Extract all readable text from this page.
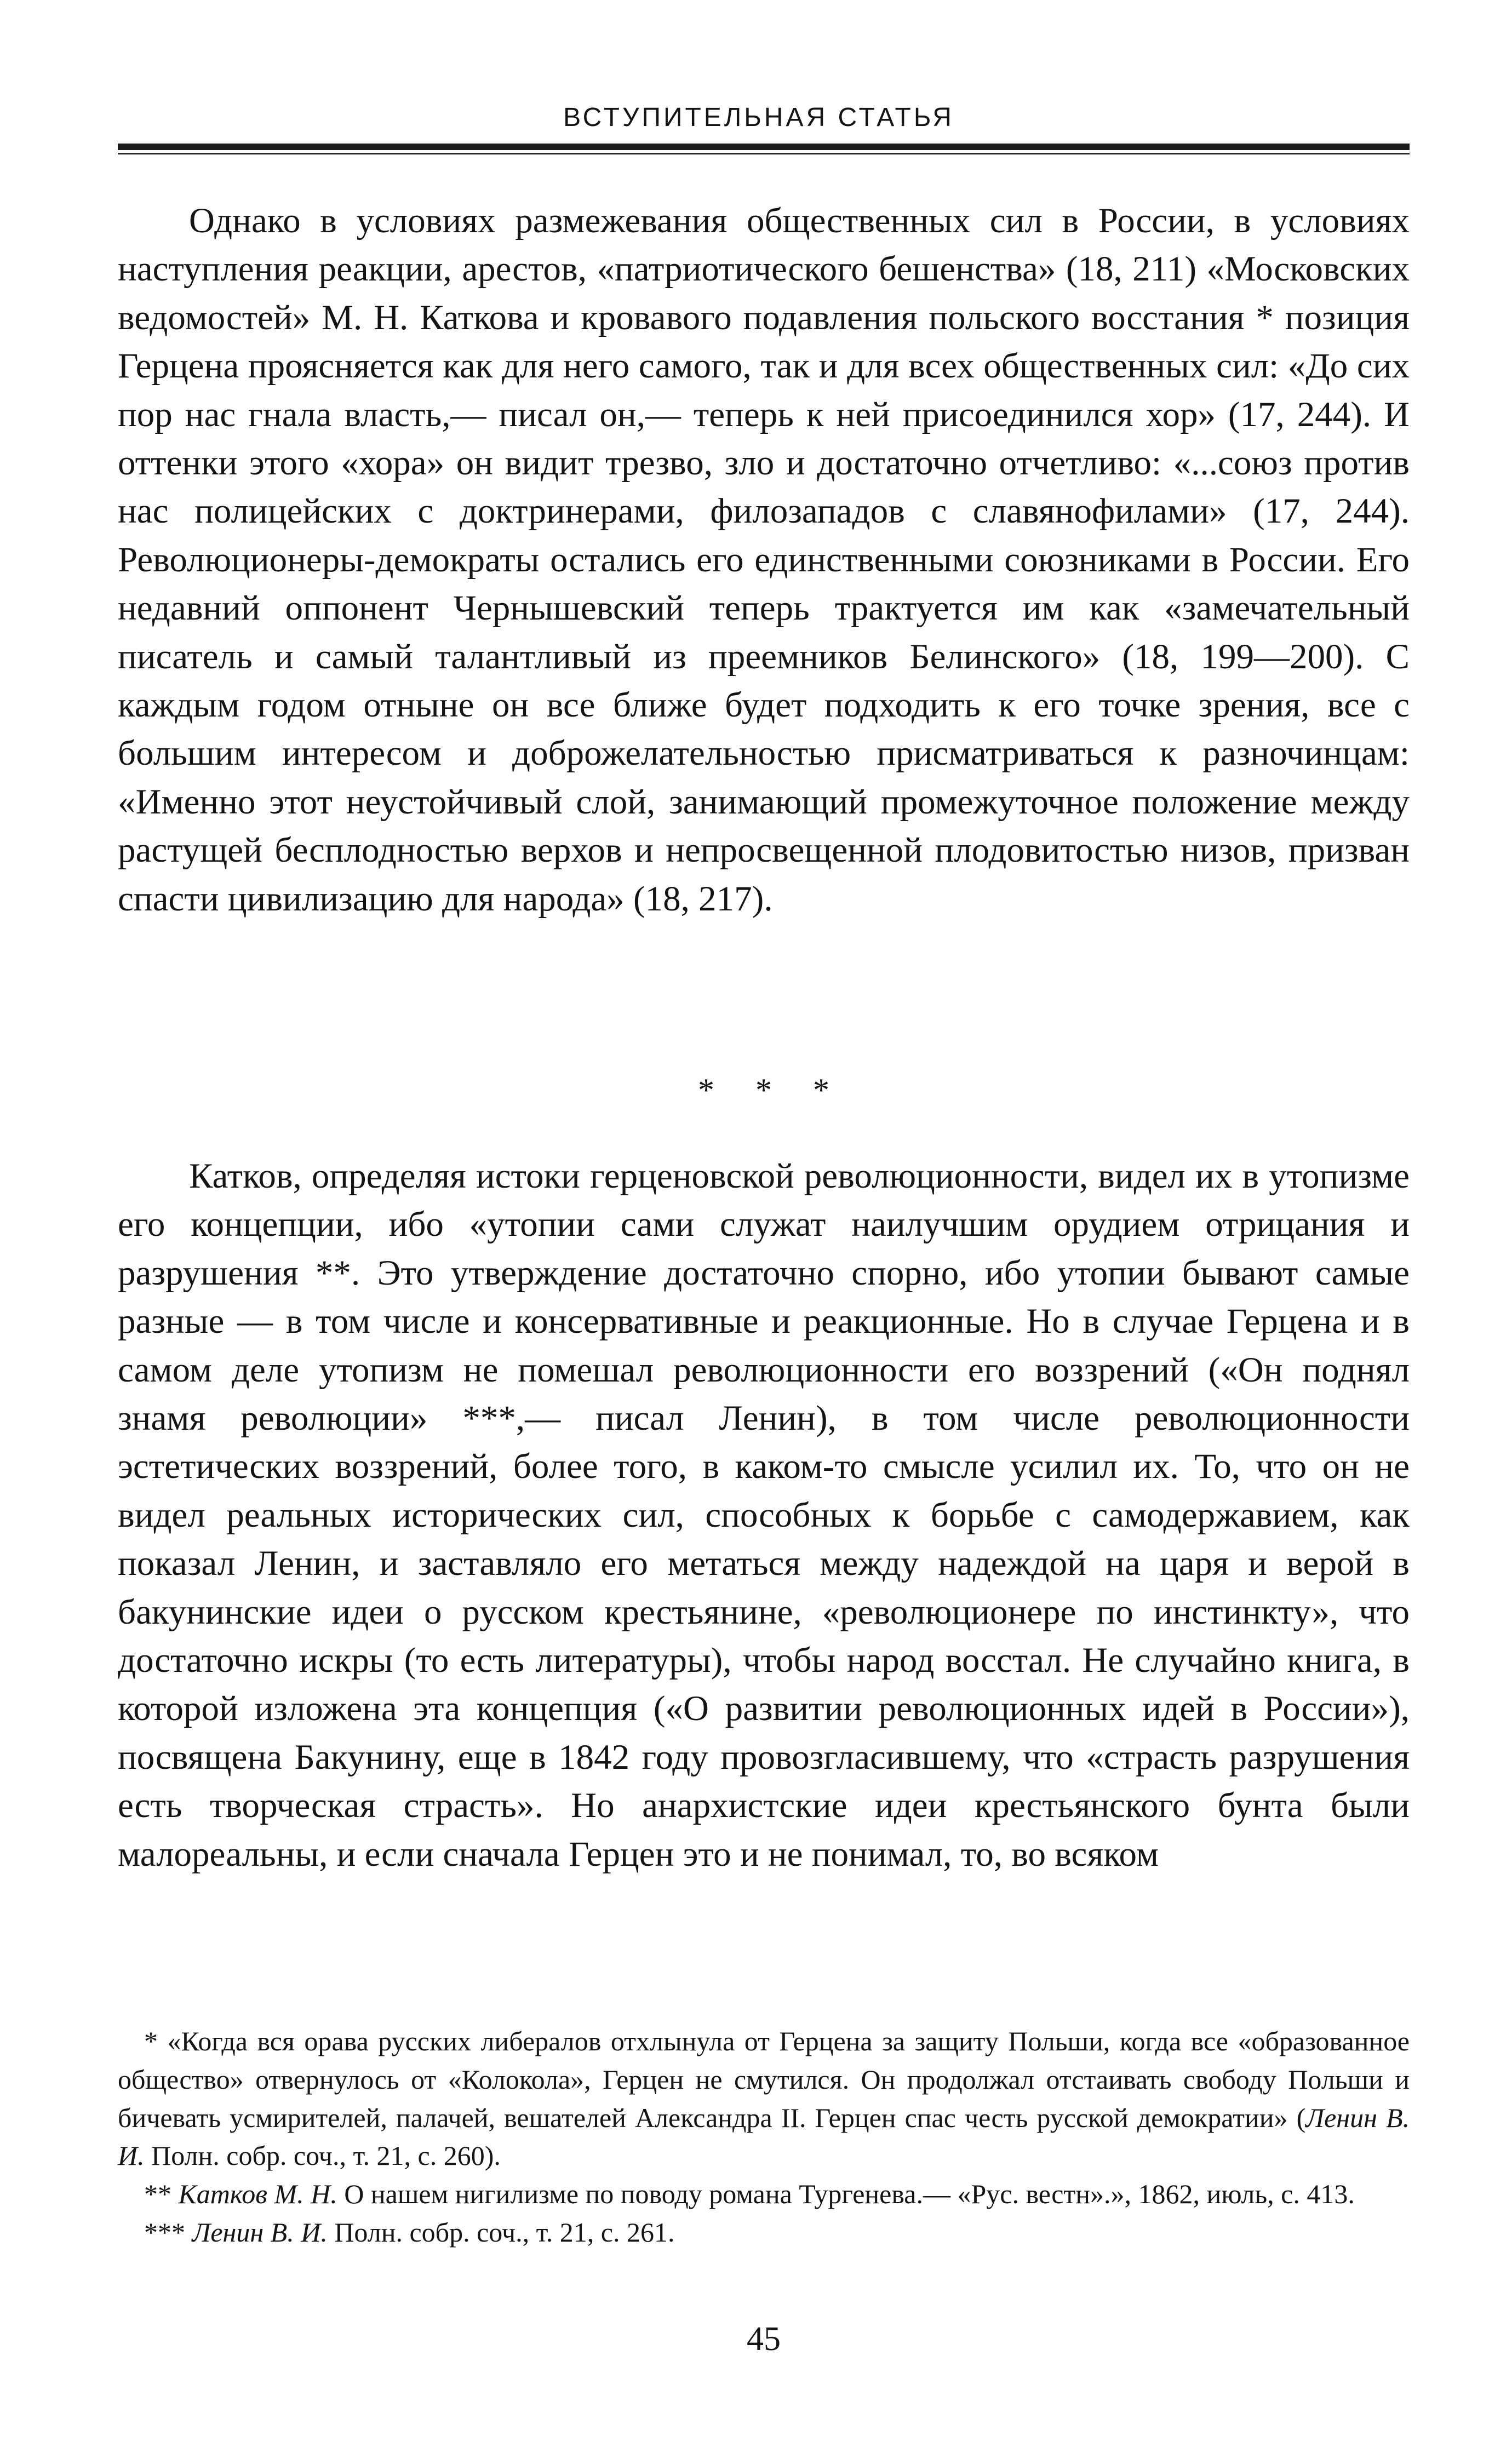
ВСТУПИТЕЛЬНАЯ СТАТЬЯ

Однако в условиях размежевания общественных сил в России, в условиях наступления реакции, арестов, «патриотического бешенства» (18, 211) «Московских ведомостей» М. Н. Каткова и кровавого подавления польского восстания * позиция Герцена проясняется как для него самого, так и для всех общественных сил: «До сих пор нас гнала власть,— писал он,— теперь к ней присоединился хор» (17, 244). И оттенки этого «хора» он видит трезво, зло и достаточно отчетливо: «...союз против нас полицейских с доктринерами, филозападов с славянофилами» (17, 244). Революционеры-демократы остались его единственными союзниками в России. Его недавний оппонент Чернышевский теперь трактуется им как «замечательный писатель и самый талантливый из преемников Белинского» (18, 199—200). С каждым годом отныне он все ближе будет подходить к его точке зрения, все с большим интересом и доброжелательностью присматриваться к разночинцам: «Именно этот неустойчивый слой, занимающий промежуточное положение между растущей бесплодностью верхов и непросвещенной плодовитостью низов, призван спасти цивилизацию для народа» (18, 217).

* * *

Катков, определяя истоки герценовской революционности, видел их в утопизме его концепции, ибо «утопии сами служат наилучшим орудием отрицания и разрушения **. Это утверждение достаточно спорно, ибо утопии бывают самые разные — в том числе и консервативные и реакционные. Но в случае Герцена и в самом деле утопизм не помешал революционности его воззрений («Он поднял знамя революции» ***,— писал Ленин), в том числе революционности эстетических воззрений, более того, в каком-то смысле усилил их. То, что он не видел реальных исторических сил, способных к борьбе с самодержавием, как показал Ленин, и заставляло его метаться между надеждой на царя и верой в бакунинские идеи о русском крестьянине, «революционере по инстинкту», что достаточно искры (то есть литературы), чтобы народ восстал. Не случайно книга, в которой изложена эта концепция («О развитии революционных идей в России»), посвящена Бакунину, еще в 1842 году провозгласившему, что «страсть разрушения есть творческая страсть». Но анархистские идеи крестьянского бунта были малореальны, и если сначала Герцен это и не понимал, то, во всяком

* «Когда вся орава русских либералов отхлынула от Герцена за защиту Польши, когда все «образованное общество» отвернулось от «Колокола», Герцен не смутился. Он продолжал отстаивать свободу Польши и бичевать усмирителей, палачей, вешателей Александра II. Герцен спас честь русской демократии» (Ленин В. И. Полн. собр. соч., т. 21, с. 260).

** Катков М. Н. О нашем нигилизме по поводу романа Тургенева.— «Рус. вестн».», 1862, июль, с. 413.

*** Ленин В. И. Полн. собр. соч., т. 21, с. 261.

45
